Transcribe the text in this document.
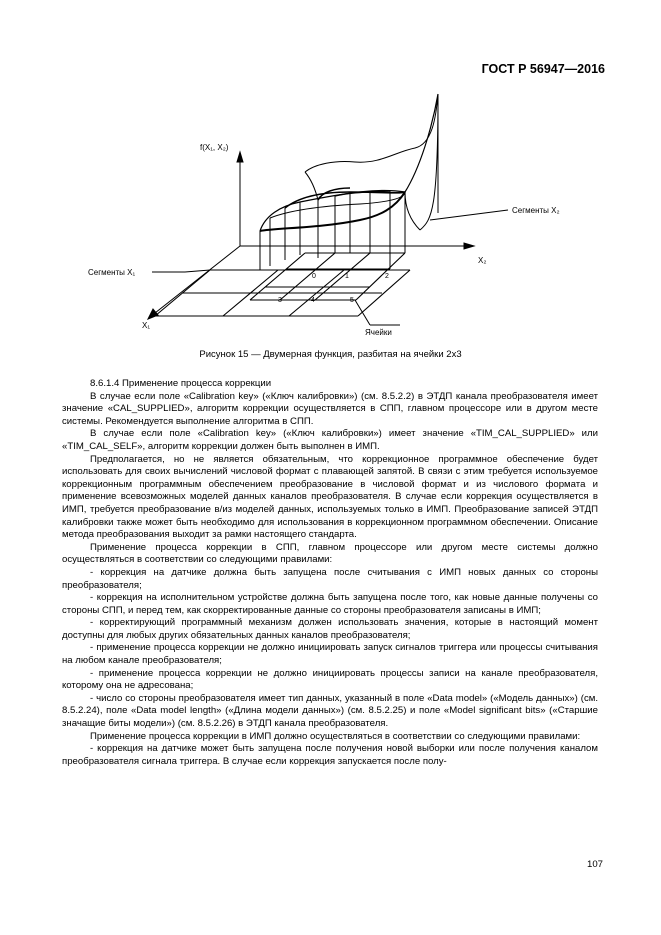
ГОСТ Р 56947—2016
f(X₁, X₂)
Сегменты X₂
X₂
Сегменты X₁
X₁
Ячейки
0	1	2
3	4	5
Рисунок 15 — Двумерная функция, разбитая на ячейки 2х3
8.6.1.4 Применение процесса коррекции

В случае если поле «Calibration key» («Ключ калибровки») (см. 8.5.2.2) в ЭТДП канала преобразователя имеет значение «CAL_SUPPLIED», алгоритм коррекции осуществляется в СПП, главном процессоре или в другом месте системы. Рекомендуется выполнение алгоритма в СПП.

В случае если поле «Calibration key» («Ключ калибровки») имеет значение «TIM_CAL_SUPPLIED» или «TIM_CAL_SELF», алгоритм коррекции должен быть выполнен в ИМП.

Предполагается, но не является обязательным, что коррекционное программное обеспечение будет использовать для своих вычислений числовой формат с плавающей запятой. В связи с этим требуется используемое коррекционным программным обеспечением преобразование в числовой формат и из числового формата и применение всевозможных моделей данных каналов преобразователя. В случае если коррекция осуществляется в ИМП, требуется преобразование в/из моделей данных, используемых только в ИМП. Преобразование записей ЭТДП калибровки также может быть необходимо для использования в коррекционном программном обеспечении. Описание метода преобразования выходит за рамки настоящего стандарта.

Применение процесса коррекции в СПП, главном процессоре или другом месте системы должно осуществляться в соответствии со следующими правилами:

- коррекция на датчике должна быть запущена после считывания с ИМП новых данных со стороны преобразователя;

- коррекция на исполнительном устройстве должна быть запущена после того, как новые данные получены со стороны СПП, и перед тем, как скорректированные данные со стороны преобразователя записаны в ИМП;

- корректирующий программный механизм должен использовать значения, которые в настоящий момент доступны для любых других обязательных данных каналов преобразователя;

- применение процесса коррекции не должно инициировать запуск сигналов триггера или процессы считывания на любом канале преобразователя;

- применение процесса коррекции не должно инициировать процессы записи на канале преобразователя, которому она не адресована;

- число со стороны преобразователя имеет тип данных, указанный в поле «Data model» («Модель данных») (см. 8.5.2.24), поле «Data model length» («Длина модели данных») (см. 8.5.2.25) и поле «Model significant bits» («Старшие значащие биты модели») (см. 8.5.2.26) в ЭТДП канала преобразователя.

Применение процесса коррекции в ИМП должно осуществляться в соответствии со следующими правилами:

- коррекция на датчике может быть запущена после получения новой выборки или после получения каналом преобразователя сигнала триггера. В случае если коррекция запускается после полу-

107
